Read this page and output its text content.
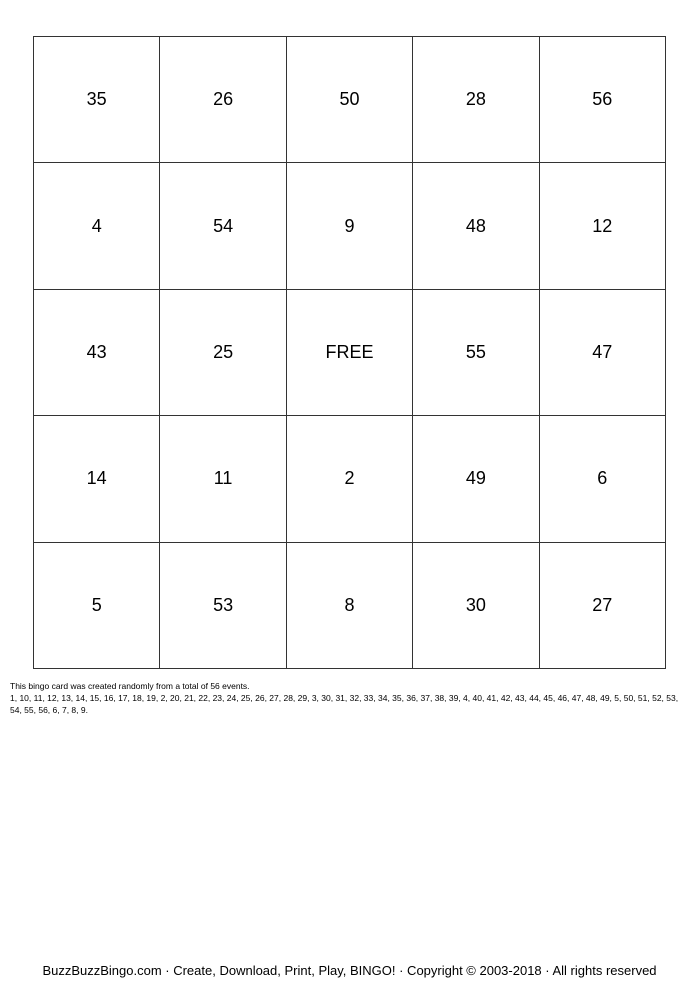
35	26	50	28	56
4	54	9	48	12
43	25	FREE	55	47
14	11	2	49	6
5	53	8	30	27
This bingo card was created randomly from a total of 56 events.
1, 10, 11, 12, 13, 14, 15, 16, 17, 18, 19, 2, 20, 21, 22, 23, 24, 25, 26, 27, 28, 29, 3, 30, 31, 32, 33, 34, 35, 36, 37, 38, 39, 4, 40, 41, 42, 43, 44, 45, 46, 47, 48, 49, 5, 50, 51, 52, 53, 54, 55, 56, 6, 7, 8, 9.
BuzzBuzzBingo.com · Create, Download, Print, Play, BINGO! · Copyright © 2003-2018 · All rights reserved
